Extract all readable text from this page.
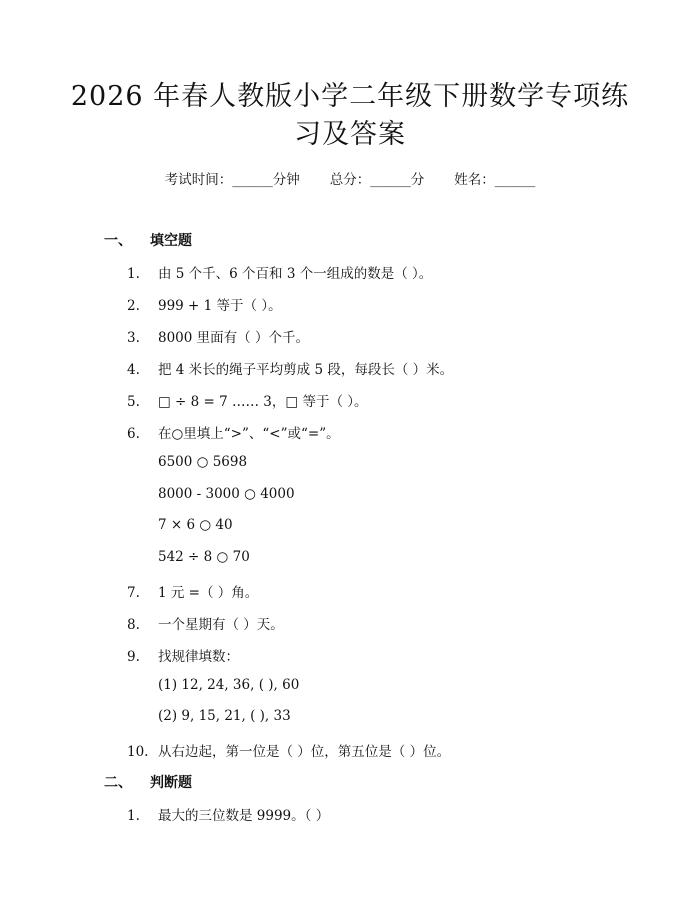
2026 年春人教版小学二年级下册数学专项练
习及答案
考试时间：______分钟 总分：______分 姓名：______
一、 填空题
1. 由 5 个千、6 个百和 3 个一组成的数是（ ）。
2. 999 + 1 等于（ ）。
3. 8000 里面有（ ）个千。
4. 把 4 米长的绳子平均剪成 5 段，每段长（ ）米。
5. □ ÷ 8 = 7 …… 3，□ 等于（ ）。
6. 在○里填上“>”、“<”或“=”。
6500 ○ 5698
8000 - 3000 ○ 4000
7 × 6 ○ 40
542 ÷ 8 ○ 70
7. 1 元 =（ ）角。
8. 一个星期有（ ）天。
9. 找规律填数：
(1) 12, 24, 36, ( ), 60
(2) 9, 15, 21, ( ), 33
10. 从右边起，第一位是（ ）位，第五位是（ ）位。
二、 判断题
1. 最大的三位数是 9999。（ ）
